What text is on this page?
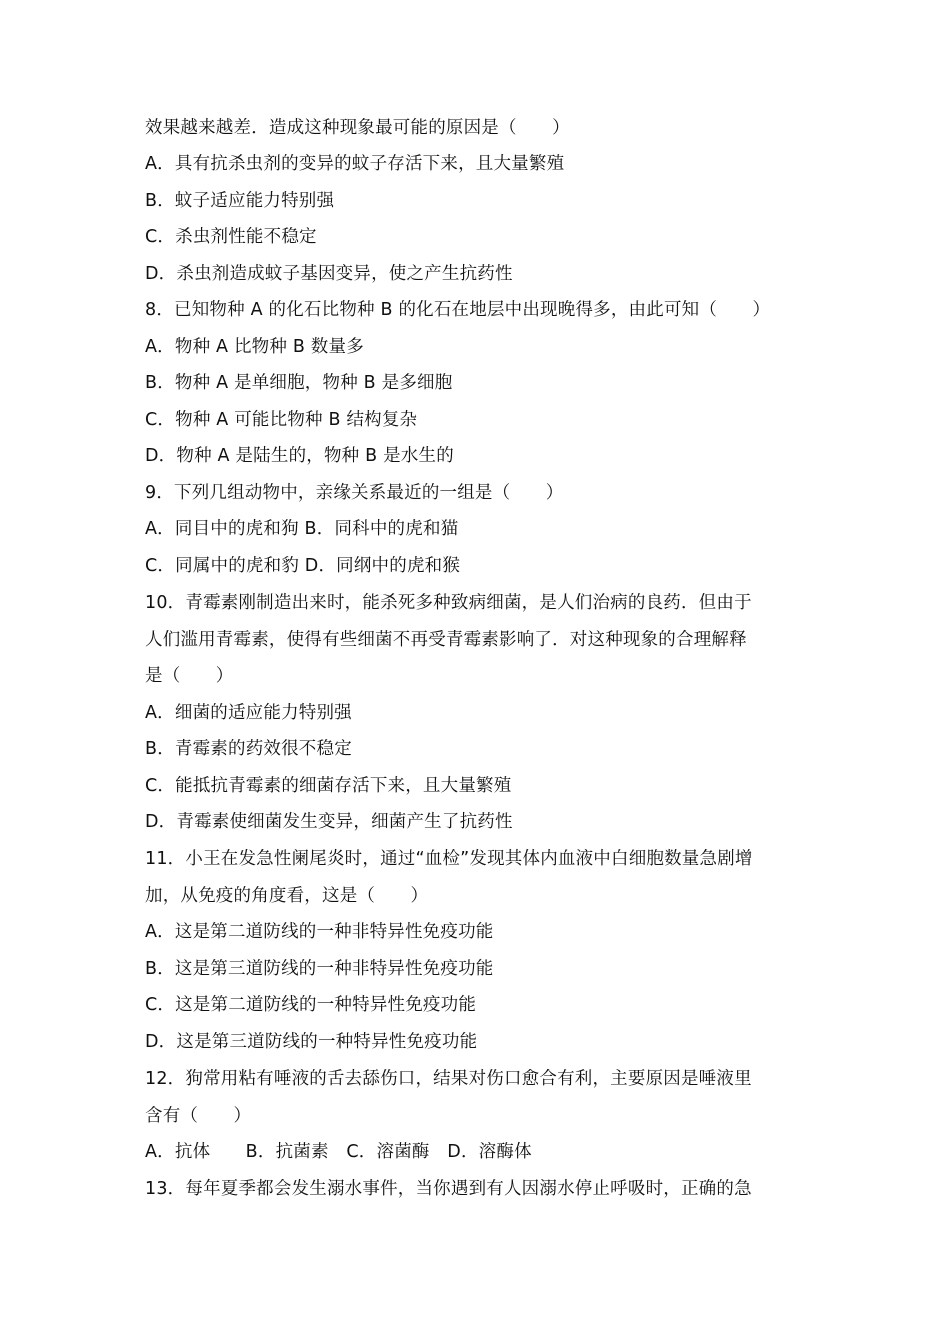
效果越来越差．造成这种现象最可能的原因是（　　）
A．具有抗杀虫剂的变异的蚊子存活下来，且大量繁殖
B．蚊子适应能力特别强
C．杀虫剂性能不稳定
D．杀虫剂造成蚊子基因变异，使之产生抗药性
8．已知物种 A 的化石比物种 B 的化石在地层中出现晚得多，由此可知（　　）
A．物种 A 比物种 B 数量多
B．物种 A 是单细胞，物种 B 是多细胞
C．物种 A 可能比物种 B 结构复杂
D．物种 A 是陆生的，物种 B 是水生的
9．下列几组动物中，亲缘关系最近的一组是（　　）
A．同目中的虎和狗 B．同科中的虎和猫
C．同属中的虎和豹 D．同纲中的虎和猴
10．青霉素刚制造出来时，能杀死多种致病细菌，是人们治病的良药．但由于
人们滥用青霉素，使得有些细菌不再受青霉素影响了．对这种现象的合理解释
是（　　）
A．细菌的适应能力特别强
B．青霉素的药效很不稳定
C．能抵抗青霉素的细菌存活下来，且大量繁殖
D．青霉素使细菌发生变异，细菌产生了抗药性
11．小王在发急性阑尾炎时，通过“血检”发现其体内血液中白细胞数量急剧增
加，从免疫的角度看，这是（　　）
A．这是第二道防线的一种非特异性免疫功能
B．这是第三道防线的一种非特异性免疫功能
C．这是第二道防线的一种特异性免疫功能
D．这是第三道防线的一种特异性免疫功能
12．狗常用粘有唾液的舌去舔伤口，结果对伤口愈合有利，主要原因是唾液里
含有（　　）
A．抗体　　B．抗菌素　C．溶菌酶　D．溶酶体
13．每年夏季都会发生溺水事件，当你遇到有人因溺水停止呼吸时，正确的急
